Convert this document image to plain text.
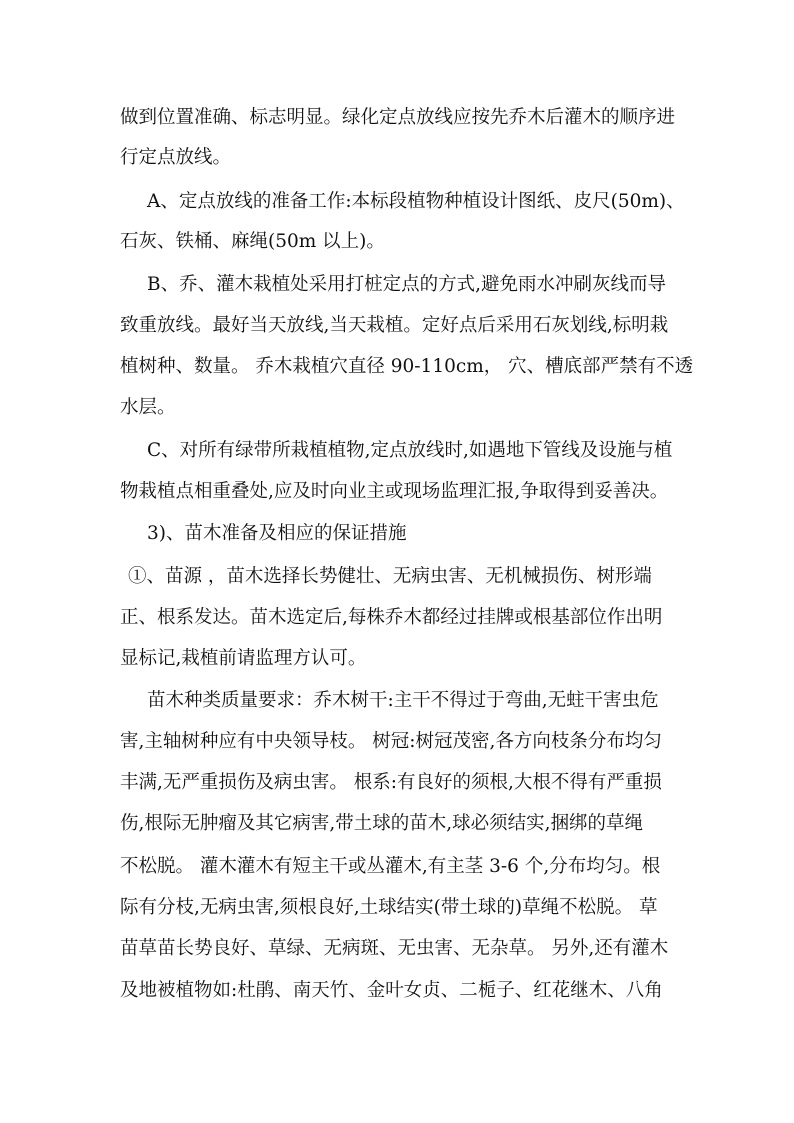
做到位置准确、标志明显。绿化定点放线应按先乔木后灌木的顺序进
行定点放线。
A、定点放线的准备工作:本标段植物种植设计图纸、皮尺(50m)、
石灰、铁桶、麻绳(50m 以上)。
B、乔、灌木栽植处采用打桩定点的方式,避免雨水冲刷灰线而导
致重放线。最好当天放线,当天栽植。定好点后采用石灰划线,标明栽
植树种、数量。 乔木栽植穴直径 90-110cm， 穴、槽底部严禁有不透
水层。
C、对所有绿带所栽植植物,定点放线时,如遇地下管线及设施与植
物栽植点相重叠处,应及时向业主或现场监理汇报,争取得到妥善决。
3)、苗木准备及相应的保证措施
①、苗源 ，苗木选择长势健壮、无病虫害、无机械损伤、树形端
正、根系发达。苗木选定后,每株乔木都经过挂牌或根基部位作出明
显标记,栽植前请监理方认可。
苗木种类质量要求：乔木树干:主干不得过于弯曲,无蛀干害虫危
害,主轴树种应有中央领导枝。 树冠:树冠茂密,各方向枝条分布均匀
丰满,无严重损伤及病虫害。 根系:有良好的须根,大根不得有严重损
伤,根际无肿瘤及其它病害,带土球的苗木,球必须结实,捆绑的草绳
不松脱。 灌木灌木有短主干或丛灌木,有主茎 3-6 个,分布均匀。根
际有分枝,无病虫害,须根良好,土球结实(带土球的)草绳不松脱。 草
苗草苗长势良好、草绿、无病斑、无虫害、无杂草。 另外,还有灌木
及地被植物如:杜鹃、南天竹、金叶女贞、二栀子、红花继木、八角
